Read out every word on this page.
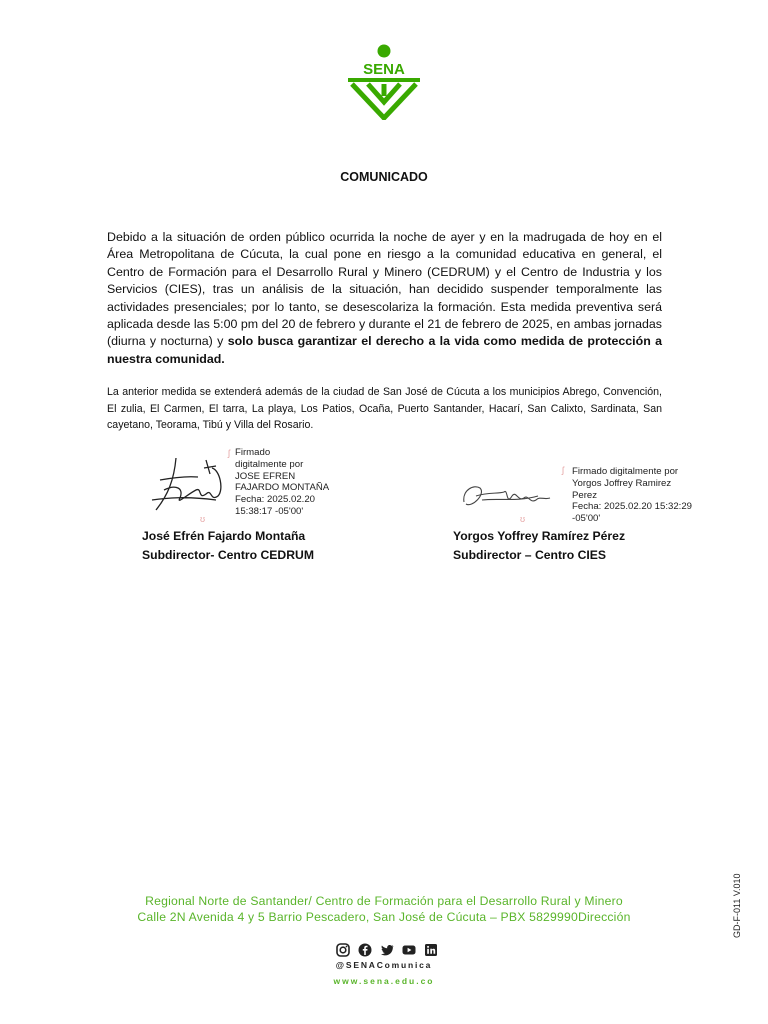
SENA
COMUNICADO

Debido a la situación de orden público ocurrida la noche de ayer y en la madrugada de hoy en el Área Metropolitana de Cúcuta, la cual pone en riesgo a la comunidad educativa en general, el Centro de Formación para el Desarrollo Rural y Minero (CEDRUM) y el Centro de Industria y los Servicios (CIES), tras un análisis de la situación, han decidido suspender temporalmente las actividades presenciales; por lo tanto, se desescolariza la formación. Esta medida preventiva será aplicada desde las 5:00 pm del 20 de febrero y durante el 21 de febrero de 2025, en ambas jornadas (diurna y nocturna) y solo busca garantizar el derecho a la vida como medida de protección a nuestra comunidad.

La anterior medida se extenderá además de la ciudad de San José de Cúcuta a los municipios Abrego, Convención, El zulia, El Carmen, El tarra, La playa, Los Patios, Ocaña, Puerto Santander, Hacarí, San Calixto, Sardinata, San cayetano, Teorama, Tibú y Villa del Rosario.

ʃ
ʊ
Firmado
digitalmente por
JOSE EFREN
FAJARDO MONTAÑA
Fecha: 2025.02.20
15:38:17 -05'00'
José Efrén Fajardo Montaña
Subdirector- Centro CEDRUM
ʃ
ʊ
Firmado digitalmente por
Yorgos Joffrey Ramirez
Perez
Fecha: 2025.02.20 15:32:29
-05'00'
Yorgos Yoffrey Ramírez Pérez
Subdirector – Centro CIES
Regional Norte de Santander/ Centro de Formación para el Desarrollo Rural y Minero
Calle 2N Avenida 4 y 5 Barrio Pescadero, San José de Cúcuta – PBX 5829990Dirección
@SENAComunica
www.sena.edu.co
GD-F-011 V.010
